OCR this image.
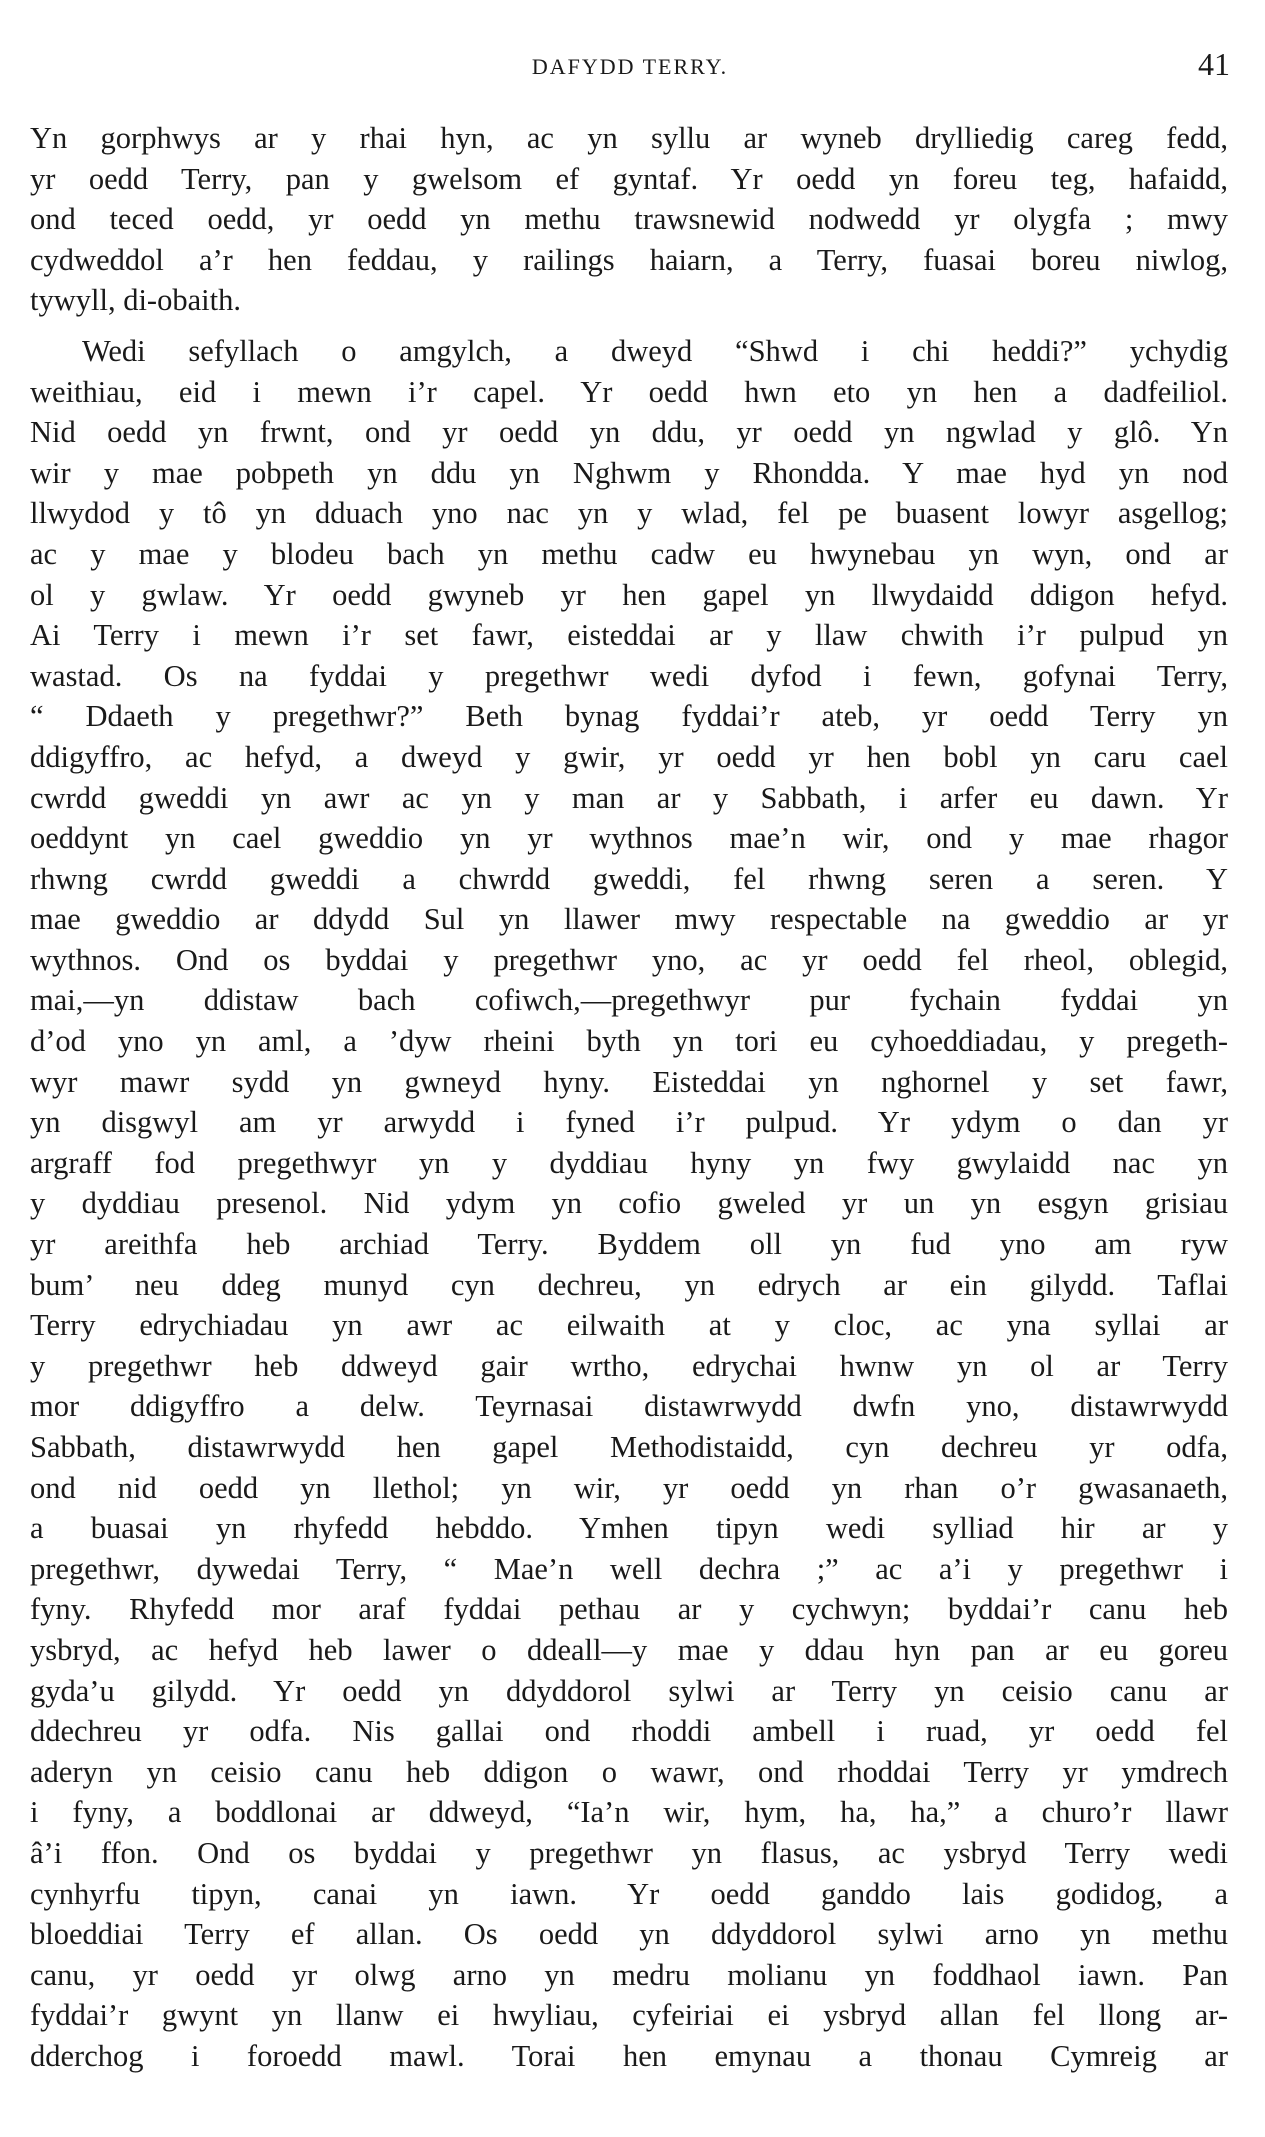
DAFYDD TERRY.	41
Yn gorphwys ar y rhai hyn, ac yn syllu ar wyneb drylliedig careg fedd,
yr oedd Terry, pan y gwelsom ef gyntaf. Yr oedd yn foreu teg, hafaidd,
ond teced oedd, yr oedd yn methu trawsnewid nodwedd yr olygfa ; mwy
cydweddol a’r hen feddau, y railings haiarn, a Terry, fuasai boreu niwlog,
tywyll, di-obaith.
Wedi sefyllach o amgylch, a dweyd “Shwd i chi heddi?” ychydig
weithiau, eid i mewn i’r capel. Yr oedd hwn eto yn hen a dadfeiliol.
Nid oedd yn frwnt, ond yr oedd yn ddu, yr oedd yn ngwlad y glô. Yn
wir y mae pobpeth yn ddu yn Nghwm y Rhondda. Y mae hyd yn nod
llwydod y tô yn dduach yno nac yn y wlad, fel pe buasent lowyr asgellog;
ac y mae y blodeu bach yn methu cadw eu hwynebau yn wyn, ond ar
ol y gwlaw. Yr oedd gwyneb yr hen gapel yn llwydaidd ddigon hefyd.
Ai Terry i mewn i’r set fawr, eisteddai ar y llaw chwith i’r pulpud yn
wastad. Os na fyddai y pregethwr wedi dyfod i fewn, gofynai Terry,
“ Ddaeth y pregethwr?” Beth bynag fyddai’r ateb, yr oedd Terry yn
ddigyffro, ac hefyd, a dweyd y gwir, yr oedd yr hen bobl yn caru cael
cwrdd gweddi yn awr ac yn y man ar y Sabbath, i arfer eu dawn. Yr
oeddynt yn cael gweddio yn yr wythnos mae’n wir, ond y mae rhagor
rhwng cwrdd gweddi a chwrdd gweddi, fel rhwng seren a seren. Y
mae gweddio ar ddydd Sul yn llawer mwy respectable na gweddio ar yr
wythnos. Ond os byddai y pregethwr yno, ac yr oedd fel rheol, oblegid,
mai,—yn ddistaw bach cofiwch,—pregethwyr pur fychain fyddai yn
d’od yno yn aml, a ’dyw rheini byth yn tori eu cyhoeddiadau, y pregeth-
wyr mawr sydd yn gwneyd hyny. Eisteddai yn nghornel y set fawr,
yn disgwyl am yr arwydd i fyned i’r pulpud. Yr ydym o dan yr
argraff fod pregethwyr yn y dyddiau hyny yn fwy gwylaidd nac yn
y dyddiau presenol. Nid ydym yn cofio gweled yr un yn esgyn grisiau
yr areithfa heb archiad Terry. Byddem oll yn fud yno am ryw
bum’ neu ddeg munyd cyn dechreu, yn edrych ar ein gilydd. Taflai
Terry edrychiadau yn awr ac eilwaith at y cloc, ac yna syllai ar
y pregethwr heb ddweyd gair wrtho, edrychai hwnw yn ol ar Terry
mor ddigyffro a delw. Teyrnasai distawrwydd dwfn yno, distawrwydd
Sabbath, distawrwydd hen gapel Methodistaidd, cyn dechreu yr odfa,
ond nid oedd yn llethol; yn wir, yr oedd yn rhan o’r gwasanaeth,
a buasai yn rhyfedd hebddo. Ymhen tipyn wedi sylliad hir ar y
pregethwr, dywedai Terry, “ Mae’n well dechra ;” ac a’i y pregethwr i
fyny. Rhyfedd mor araf fyddai pethau ar y cychwyn; byddai’r canu heb
ysbryd, ac hefyd heb lawer o ddeall—y mae y ddau hyn pan ar eu goreu
gyda’u gilydd. Yr oedd yn ddyddorol sylwi ar Terry yn ceisio canu ar
ddechreu yr odfa. Nis gallai ond rhoddi ambell i ruad, yr oedd fel
aderyn yn ceisio canu heb ddigon o wawr, ond rhoddai Terry yr ymdrech
i fyny, a boddlonai ar ddweyd, “Ia’n wir, hym, ha, ha,” a churo’r llawr
â’i ffon. Ond os byddai y pregethwr yn flasus, ac ysbryd Terry wedi
cynhyrfu tipyn, canai yn iawn. Yr oedd ganddo lais godidog, a
bloeddiai Terry ef allan. Os oedd yn ddyddorol sylwi arno yn methu
canu, yr oedd yr olwg arno yn medru molianu yn foddhaol iawn. Pan
fyddai’r gwynt yn llanw ei hwyliau, cyfeiriai ei ysbryd allan fel llong ar-
dderchog i foroedd mawl. Torai hen emynau a thonau Cymreig ar
